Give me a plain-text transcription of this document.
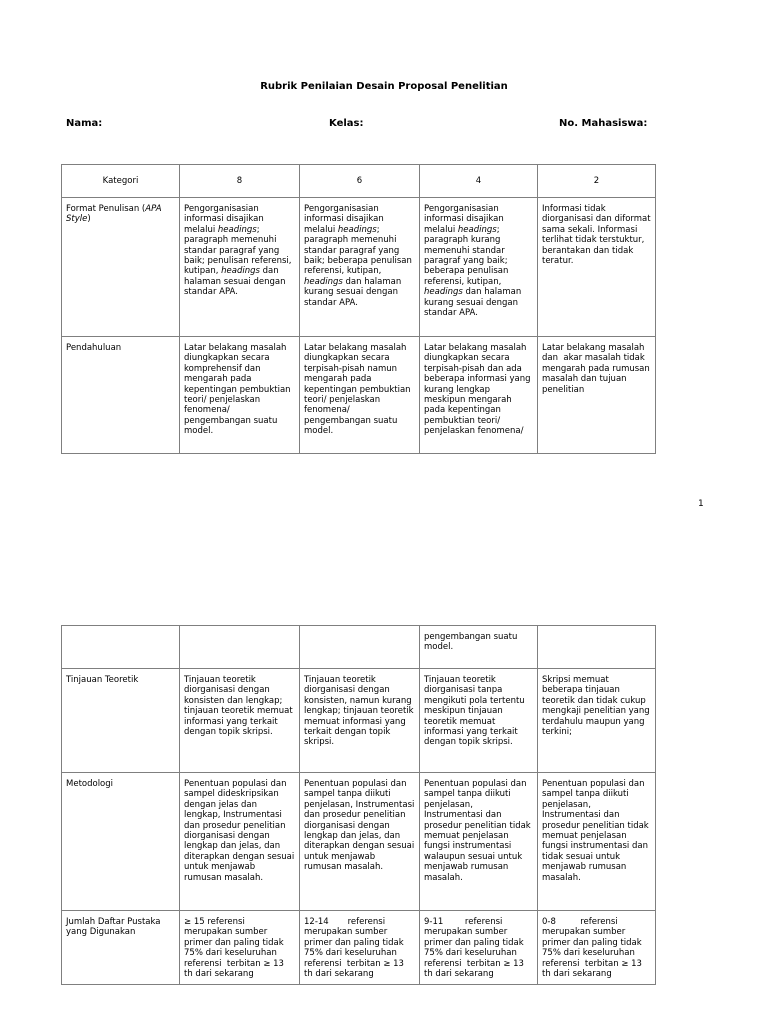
Rubrik Penilaian Desain Proposal Penelitian
Nama:	Kelas:	No. Mahasiswa:
Kategori	8	6	4	2
Format Penulisan (APA Style)	Pengorganisasian informasi disajikan melalui headings; paragraph memenuhi standar paragraf yang baik; penulisan referensi, kutipan, headings dan halaman sesuai dengan standar APA.	Pengorganisasian informasi disajikan melalui headings; paragraph memenuhi standar paragraf yang baik; beberapa penulisan referensi, kutipan, headings dan halaman kurang sesuai dengan standar APA.	Pengorganisasian informasi disajikan melalui headings; paragraph kurang memenuhi standar paragraf yang baik; beberapa penulisan referensi, kutipan, headings dan halaman kurang sesuai dengan standar APA.	Informasi tidak diorganisasi dan diformat sama sekali. Informasi terlihat tidak terstuktur, berantakan dan tidak teratur.
Pendahuluan	Latar belakang masalah diungkapkan secara komprehensif dan mengarah pada kepentingan pembuktian teori/ penjelaskan fenomena/ pengembangan suatu model.	Latar belakang masalah diungkapkan secara terpisah-pisah namun mengarah pada kepentingan pembuktian teori/ penjelaskan fenomena/ pengembangan suatu model.	Latar belakang masalah diungkapkan secara terpisah-pisah dan ada beberapa informasi yang kurang lengkap meskipun mengarah pada kepentingan pembuktian teori/ penjelaskan fenomena/	Latar belakang masalah dan  akar masalah tidak mengarah pada rumusan masalah dan tujuan penelitian
1
			pengembangan suatu model.	
Tinjauan Teoretik	Tinjauan teoretik diorganisasi dengan konsisten dan lengkap; tinjauan teoretik memuat informasi yang terkait dengan topik skripsi.	Tinjauan teoretik diorganisasi dengan konsisten, namun kurang lengkap; tinjauan teoretik memuat informasi yang terkait dengan topik skripsi.	Tinjauan teoretik diorganisasi tanpa mengikuti pola tertentu meskipun tinjauan teoretik memuat informasi yang terkait dengan topik skripsi.	Skripsi memuat beberapa tinjauan teoretik dan tidak cukup mengkaji penelitian yang terdahulu maupun yang terkini;
Metodologi	Penentuan populasi dan sampel dideskripsikan dengan jelas dan lengkap, Instrumentasi dan prosedur penelitian diorganisasi dengan lengkap dan jelas, dan diterapkan dengan sesuai untuk menjawab rumusan masalah.	Penentuan populasi dan sampel tanpa diikuti penjelasan, Instrumentasi dan prosedur penelitian diorganisasi dengan lengkap dan jelas, dan diterapkan dengan sesuai untuk menjawab rumusan masalah.	Penentuan populasi dan sampel tanpa diikuti penjelasan, Instrumentasi dan prosedur penelitian tidak memuat penjelasan fungsi instrumentasi walaupun sesuai untuk menjawab rumusan masalah.	Penentuan populasi dan sampel tanpa diikuti penjelasan, Instrumentasi dan prosedur penelitian tidak memuat penjelasan fungsi instrumentasi dan tidak sesuai untuk menjawab rumusan masalah.
Jumlah Daftar Pustaka yang Digunakan	≥ 15 referensi merupakan sumber primer dan paling tidak 75% dari keseluruhan referensi  terbitan ≥ 13 th dari sekarang	12-14       referensi merupakan sumber primer dan paling tidak 75% dari keseluruhan referensi  terbitan ≥ 13 th dari sekarang	9-11        referensi merupakan sumber primer dan paling tidak 75% dari keseluruhan referensi  terbitan ≥ 13 th dari sekarang	0-8         referensi merupakan sumber primer dan paling tidak 75% dari keseluruhan referensi  terbitan ≥ 13 th dari sekarang
